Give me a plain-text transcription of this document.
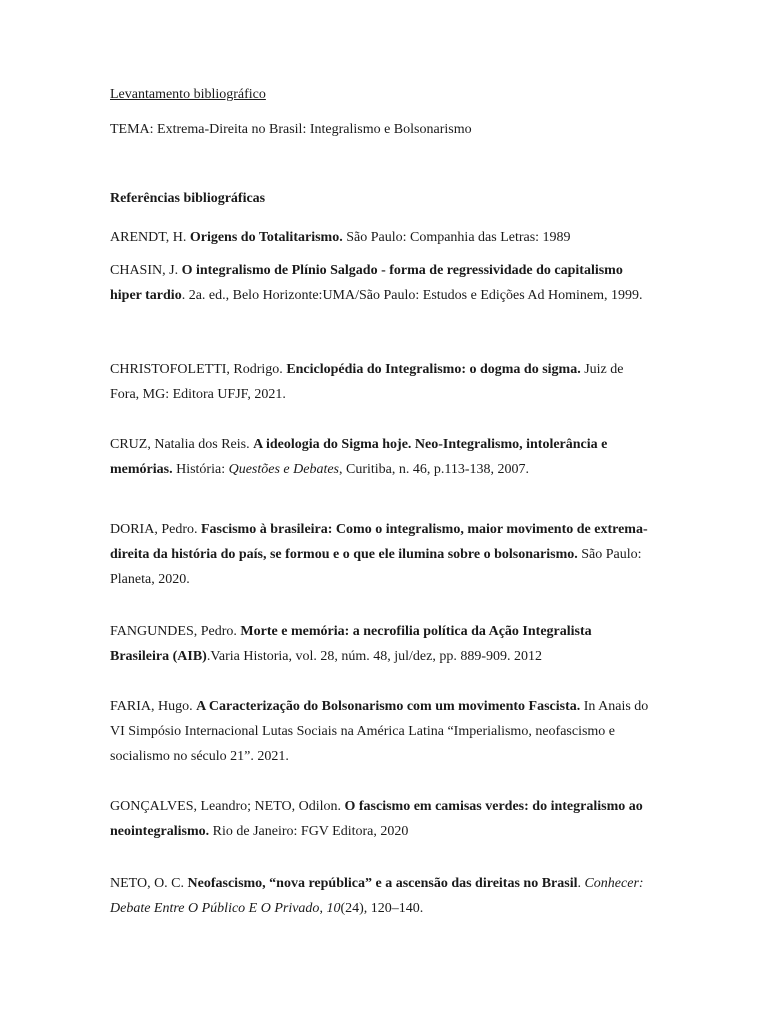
Levantamento bibliográfico
TEMA: Extrema-Direita no Brasil: Integralismo e Bolsonarismo
Referências bibliográficas
ARENDT, H. Origens do Totalitarismo. São Paulo: Companhia das Letras: 1989
CHASIN, J. O integralismo de Plínio Salgado - forma de regressividade do capitalismo hiper tardio. 2a. ed., Belo Horizonte:UMA/São Paulo: Estudos e Edições Ad Hominem, 1999.
CHRISTOFOLETTI, Rodrigo. Enciclopédia do Integralismo: o dogma do sigma. Juiz de Fora, MG: Editora UFJF, 2021.
CRUZ, Natalia dos Reis. A ideologia do Sigma hoje. Neo-Integralismo, intolerância e memórias. História: Questões e Debates, Curitiba, n. 46, p.113-138, 2007.
DORIA, Pedro. Fascismo à brasileira: Como o integralismo, maior movimento de extrema-direita da história do país, se formou e o que ele ilumina sobre o bolsonarismo. São Paulo: Planeta, 2020.
FANGUNDES, Pedro. Morte e memória: a necrofilia política da Ação Integralista Brasileira (AIB).Varia Historia, vol. 28, núm. 48, jul/dez, pp. 889-909. 2012
FARIA, Hugo. A Caracterização do Bolsonarismo com um movimento Fascista. In Anais do VI Simpósio Internacional Lutas Sociais na América Latina “Imperialismo, neofascismo e socialismo no século 21”. 2021.
GONÇALVES, Leandro; NETO, Odilon. O fascismo em camisas verdes: do integralismo ao neointegralismo. Rio de Janeiro: FGV Editora, 2020
NETO, O. C. Neofascismo, “nova república” e a ascensão das direitas no Brasil. Conhecer: Debate Entre O Público E O Privado, 10(24), 120–140.
